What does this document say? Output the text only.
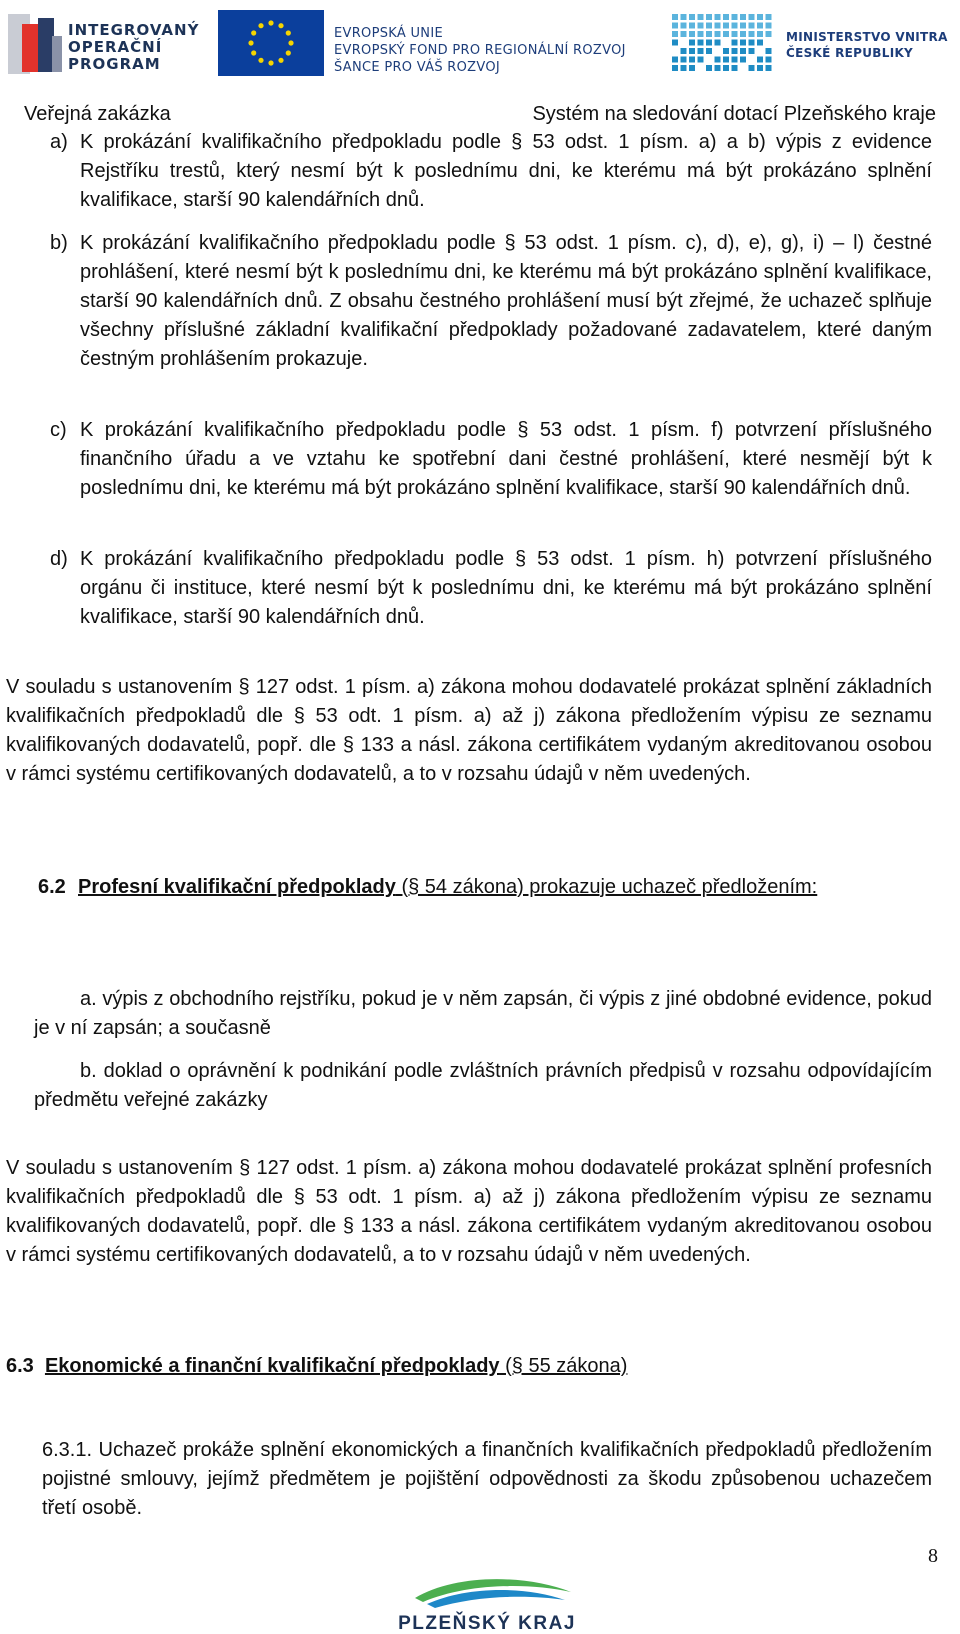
INTEGROVANÝ
OPERAČNÍ
PROGRAM
EVROPSKÁ UNIE
EVROPSKÝ FOND PRO REGIONÁLNÍ ROZVOJ
ŠANCE PRO VÁŠ ROZVOJ
MINISTERSTVO VNITRA
ČESKÉ REPUBLIKY
Veřejná zakázka	Systém na sledování dotací Plzeňského kraje
a) K prokázání kvalifikačního předpokladu podle § 53 odst. 1 písm. a) a b) výpis z evidence Rejstříku trestů, který nesmí být k poslednímu dni, ke kterému má být prokázáno splnění kvalifikace, starší 90 kalendářních dnů.

b) K prokázání kvalifikačního předpokladu podle § 53 odst. 1 písm. c), d), e), g), i) – l) čestné prohlášení, které nesmí být k poslednímu dni, ke kterému má být prokázáno splnění kvalifikace, starší 90 kalendářních dnů. Z obsahu čestného prohlášení musí být zřejmé, že uchazeč splňuje všechny příslušné základní kvalifikační předpoklady požadované zadavatelem, které daným čestným prohlášením prokazuje.

c) K prokázání kvalifikačního předpokladu podle § 53 odst. 1 písm. f) potvrzení příslušného finančního úřadu a ve vztahu ke spotřební dani čestné prohlášení, které nesmějí být k poslednímu dni, ke kterému má být prokázáno splnění kvalifikace, starší 90 kalendářních dnů.

d) K prokázání kvalifikačního předpokladu podle § 53 odst. 1 písm. h) potvrzení příslušného orgánu či instituce, které nesmí být k poslednímu dni, ke kterému má být prokázáno splnění kvalifikace, starší 90 kalendářních dnů.

V souladu s ustanovením § 127 odst. 1 písm. a) zákona mohou dodavatelé prokázat splnění základních kvalifikačních předpokladů dle § 53 odt. 1 písm. a) až j) zákona předložením výpisu ze seznamu kvalifikovaných dodavatelů, popř. dle § 133 a násl. zákona certifikátem vydaným akreditovanou osobou v rámci systému certifikovaných dodavatelů, a to v rozsahu údajů v něm uvedených.

6.2 Profesní kvalifikační předpoklady (§ 54 zákona) prokazuje uchazeč předložením:

a. výpis z obchodního rejstříku, pokud je v něm zapsán, či výpis z jiné obdobné evidence, pokud je v ní zapsán; a současně

b. doklad o oprávnění k podnikání podle zvláštních právních předpisů v rozsahu odpovídajícím předmětu veřejné zakázky

V souladu s ustanovením § 127 odst. 1 písm. a) zákona mohou dodavatelé prokázat splnění profesních kvalifikačních předpokladů dle § 53 odt. 1 písm. a) až j) zákona předložením výpisu ze seznamu kvalifikovaných dodavatelů, popř. dle § 133 a násl. zákona certifikátem vydaným akreditovanou osobou v rámci systému certifikovaných dodavatelů, a to v rozsahu údajů v něm uvedených.

6.3 Ekonomické a finanční kvalifikační předpoklady (§ 55 zákona)

6.3.1. Uchazeč prokáže splnění ekonomických a finančních kvalifikačních předpokladů předložením pojistné smlouvy, jejímž předmětem je pojištění odpovědnosti za škodu způsobenou uchazečem třetí osobě.

8
PLZEŇSKÝ KRAJ
